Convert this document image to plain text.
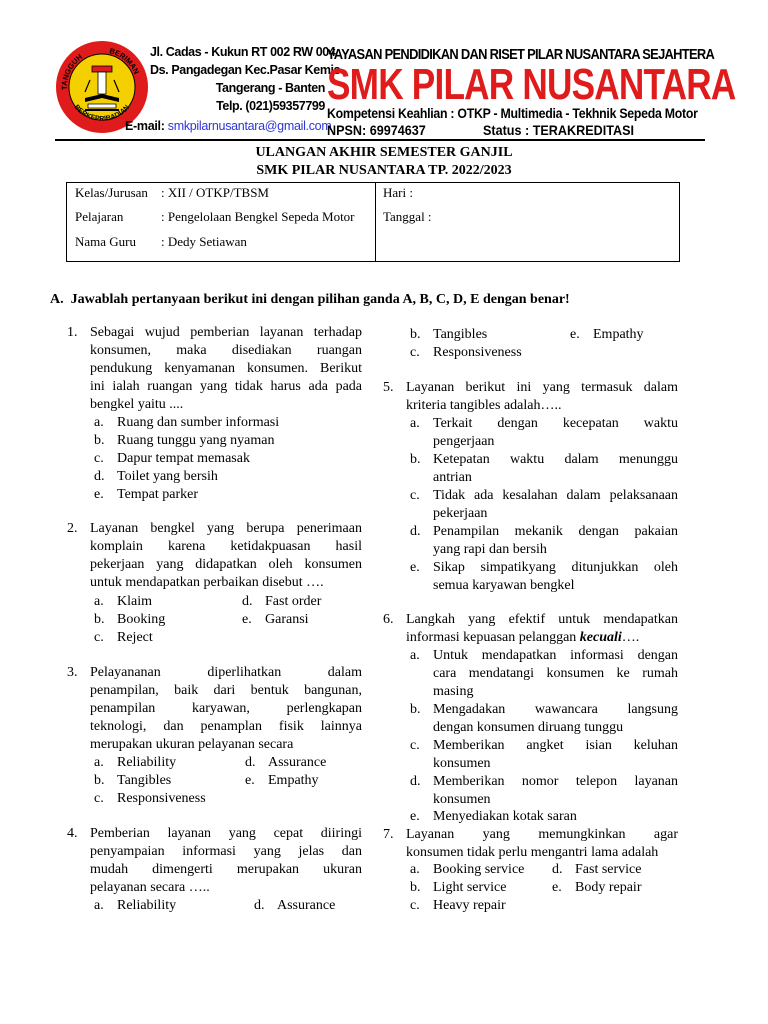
TANGGUH
BERIMAN
BERKEPRIBADIAN
Jl. Cadas - Kukun RT 002 RW 004
Ds. Pangadegan Kec.Pasar Kemis
Tangerang - Banten
Telp. (021)59357799
E-mail: smkpilarnusantara@gmail.com
YAYASAN PENDIDIKAN DAN RISET PILAR NUSANTARA SEJAHTERA
SMK PILAR NUSANTARA
Kompetensi Keahlian : OTKP - Multimedia - Tekhnik Sepeda Motor
NPSN: 69974637	Status : TERAKREDITASI
ULANGAN AKHIR SEMESTER GANJIL
SMK PILAR NUSANTARA TP. 2022/2023
Kelas/Jurusan : XII / OTKP/TBSM
Pelajaran	: Pengelolaan Bengkel Sepeda Motor
Nama Guru : Dedy Setiawan
Hari :
Tanggal :
A. Jawablah pertanyaan berikut ini dengan pilihan ganda A, B, C, D, E dengan benar!
1. Sebagai wujud pemberian layanan terhadap
konsumen, maka disediakan ruangan
pendukung kenyamanan konsumen. Berikut
ini ialah ruangan yang tidak harus ada pada
bengkel yaitu ....
a. Ruang dan sumber informasi
b. Ruang tunggu yang nyaman
c. Dapur tempat memasak
d. Toilet yang bersih
e. Tempat parker
2. Layanan bengkel yang berupa penerimaan
komplain karena ketidakpuasan hasil
pekerjaan yang didapatkan oleh konsumen
untuk mendapatkan perbaikan disebut ….
a. Klaim
b. Booking
c. Reject
d. Fast order
e. Garansi
3. Pelayananan diperlihatkan dalam
penampilan, baik dari bentuk bangunan,
penampilan karyawan, perlengkapan
teknologi, dan penamplan fisik lainnya
merupakan ukuran pelayanan secara
a. Reliability
b. Tangibles
c. Responsiveness
d. Assurance
e. Empathy
4. Pemberian layanan yang cepat diiringi
penyampaian informasi yang jelas dan
mudah dimengerti merupakan ukuran
pelayanan secara …..
a. Reliability	d. Assurance
b. Tangibles	e. Empathy
c. Responsiveness
5. Layanan berikut ini yang termasuk dalam
kriteria tangibles adalah…..
a. Terkait dengan kecepatan waktu
pengerjaan
b. Ketepatan waktu dalam menunggu
antrian
c. Tidak ada kesalahan dalam pelaksanaan
pekerjaan
d. Penampilan mekanik dengan pakaian
yang rapi dan bersih
e. Sikap simpatikyang ditunjukkan oleh
semua karyawan bengkel
6. Langkah yang efektif untuk mendapatkan
informasi kepuasan pelanggan kecuali….
a. Untuk mendapatkan informasi dengan
cara mendatangi konsumen ke rumah
masing
b. Mengadakan wawancara langsung
dengan konsumen diruang tunggu
c. Memberikan angket isian keluhan
konsumen
d. Memberikan nomor telepon layanan
konsumen
e. Menyediakan kotak saran
7. Layanan yang memungkinkan agar
konsumen tidak perlu mengantri lama adalah
a. Booking service
b. Light service
c. Heavy repair
d. Fast service
e. Body repair
